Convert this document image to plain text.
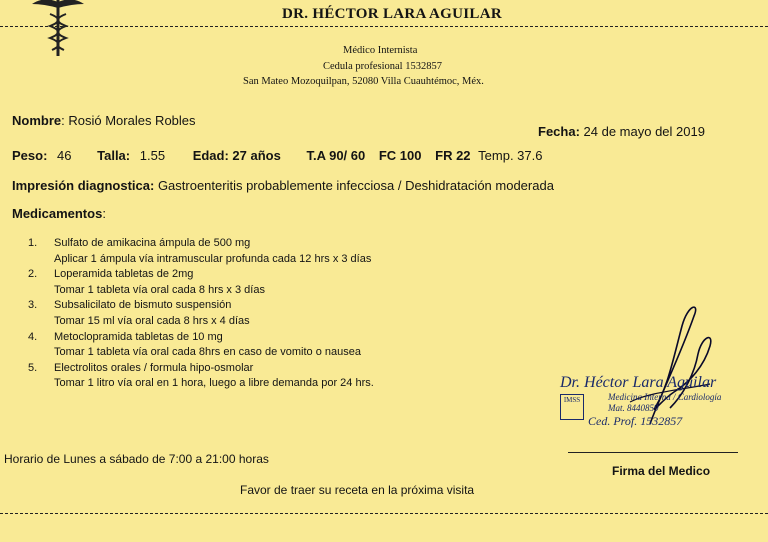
DR. HÉCTOR LARA AGUILAR
Médico Internista
Cedula profesional 1532857
San Mateo Mozoquilpan, 52080 Villa Cuauhtémoc, Méx.
Nombre: Rosió Morales Robles
Fecha: 24 de mayo del 2019
Peso: 46 Talla: 1.55 Edad: 27 años T.A 90/ 60 FC 100 FR 22 Temp. 37.6
Impresión diagnostica: Gastroenteritis probablemente infecciosa / Deshidratación moderada
Medicamentos:
1.	Sulfato de amikacina ámpula de 500 mg
Aplicar 1 ámpula vía intramuscular profunda cada 12 hrs x 3 días
2.	Loperamida tabletas de 2mg
Tomar 1 tableta vía oral cada 8 hrs x 3 días
3.	Subsalicilato de bismuto suspensión
Tomar 15 ml vía oral cada 8 hrs x 4 días
4.	Metoclopramida tabletas de 10 mg
Tomar 1 tableta vía oral cada 8hrs en caso de vomito o nausea
5.	Electrolitos orales / formula hipo-osmolar
Tomar 1 litro vía oral en 1 hora, luego a libre demanda por 24 hrs.	Dr. Héctor Lara Aguilar
Medicina Interna / Cardiología
Mat. 8440859
Ced. Prof. 1532857
IMSS
Horario de Lunes a sábado de 7:00 a 21:00 horas
Firma del Medico
Favor de traer su receta en la próxima visita
